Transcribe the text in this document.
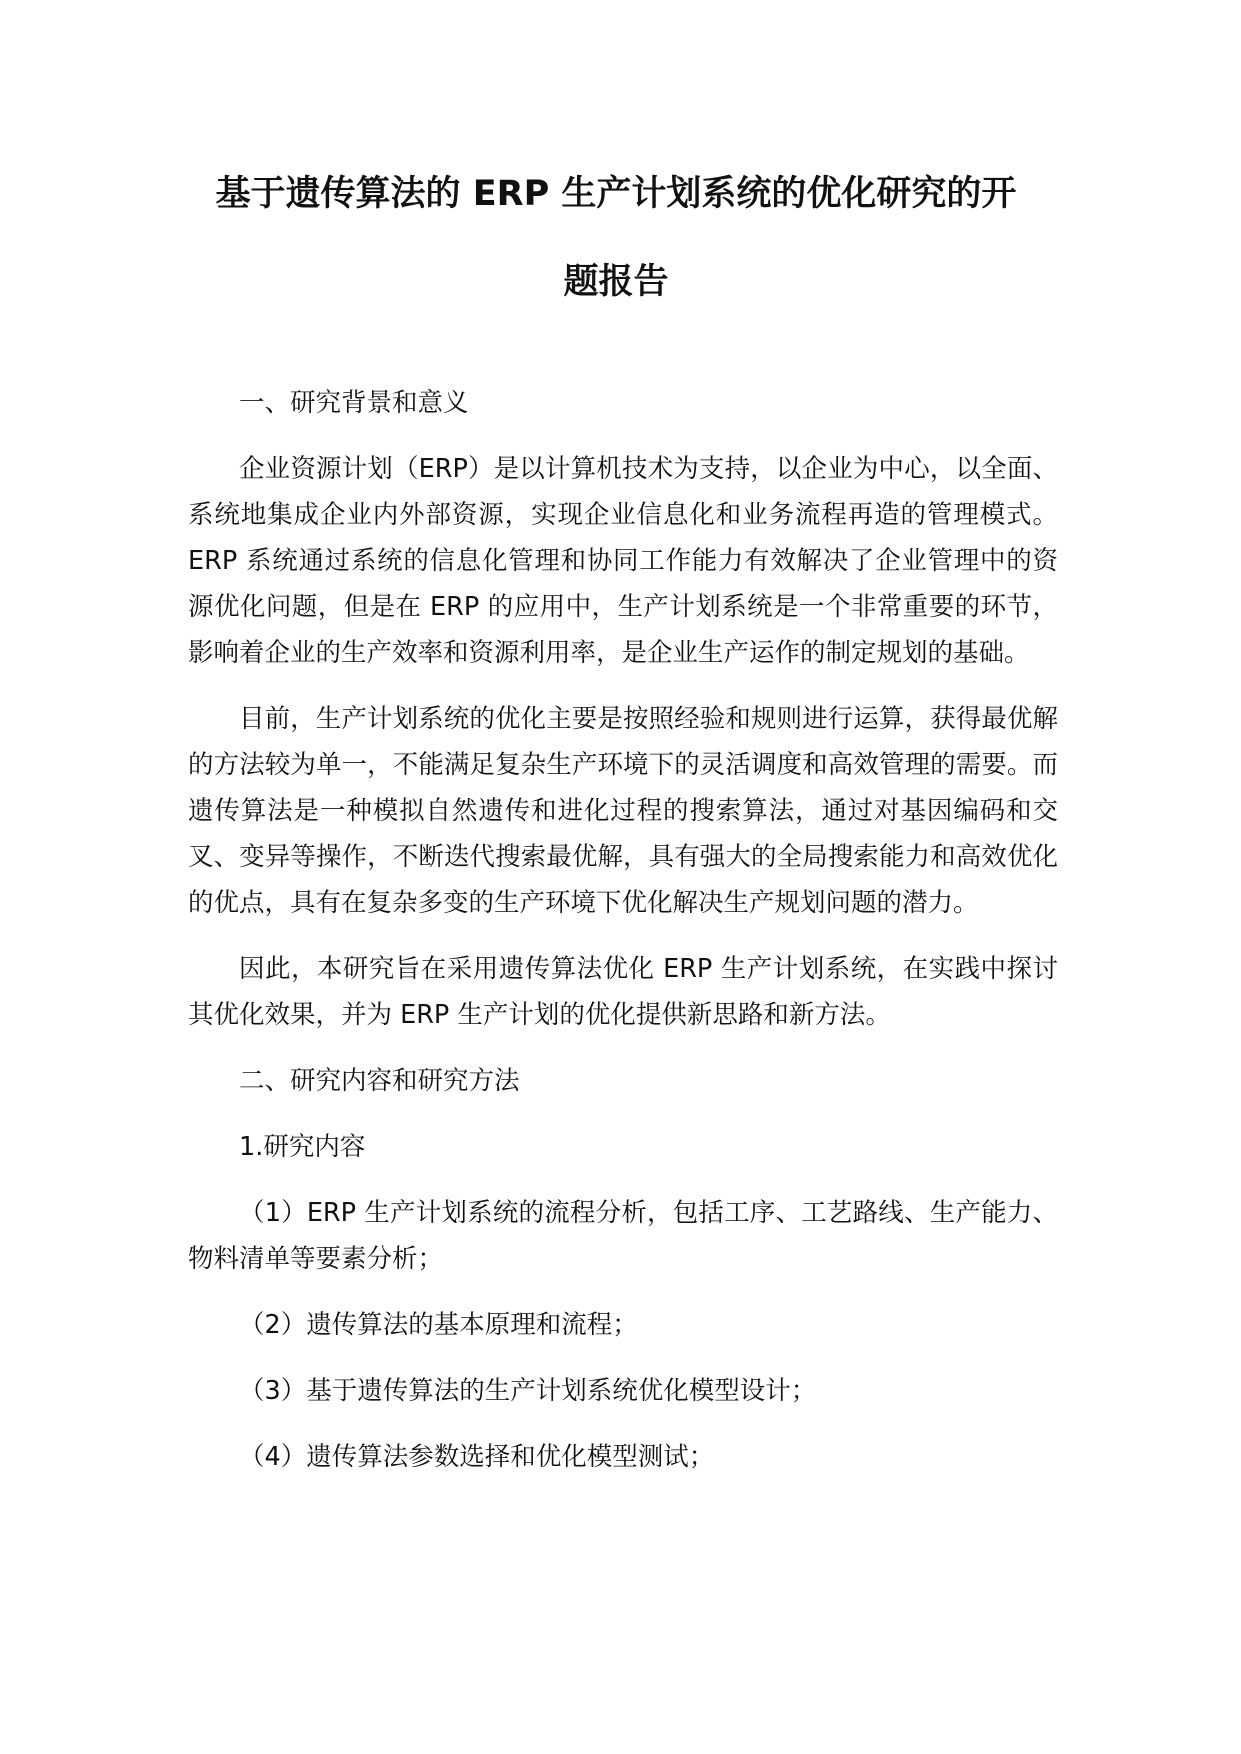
基于遗传算法的 ERP 生产计划系统的优化研究的开
题报告

一、研究背景和意义

企业资源计划（ERP）是以计算机技术为支持，以企业为中心，以全面、系统地集成企业内外部资源，实现企业信息化和业务流程再造的管理模式。ERP 系统通过系统的信息化管理和协同工作能力有效解决了企业管理中的资源优化问题，但是在 ERP 的应用中，生产计划系统是一个非常重要的环节，影响着企业的生产效率和资源利用率，是企业生产运作的制定规划的基础。

目前，生产计划系统的优化主要是按照经验和规则进行运算，获得最优解的方法较为单一，不能满足复杂生产环境下的灵活调度和高效管理的需要。而遗传算法是一种模拟自然遗传和进化过程的搜索算法，通过对基因编码和交叉、变异等操作，不断迭代搜索最优解，具有强大的全局搜索能力和高效优化的优点，具有在复杂多变的生产环境下优化解决生产规划问题的潜力。

因此，本研究旨在采用遗传算法优化 ERP 生产计划系统，在实践中探讨其优化效果，并为 ERP 生产计划的优化提供新思路和新方法。

二、研究内容和研究方法

1.研究内容

（1）ERP 生产计划系统的流程分析，包括工序、工艺路线、生产能力、物料清单等要素分析；

（2）遗传算法的基本原理和流程；

（3）基于遗传算法的生产计划系统优化模型设计；

（4）遗传算法参数选择和优化模型测试；
